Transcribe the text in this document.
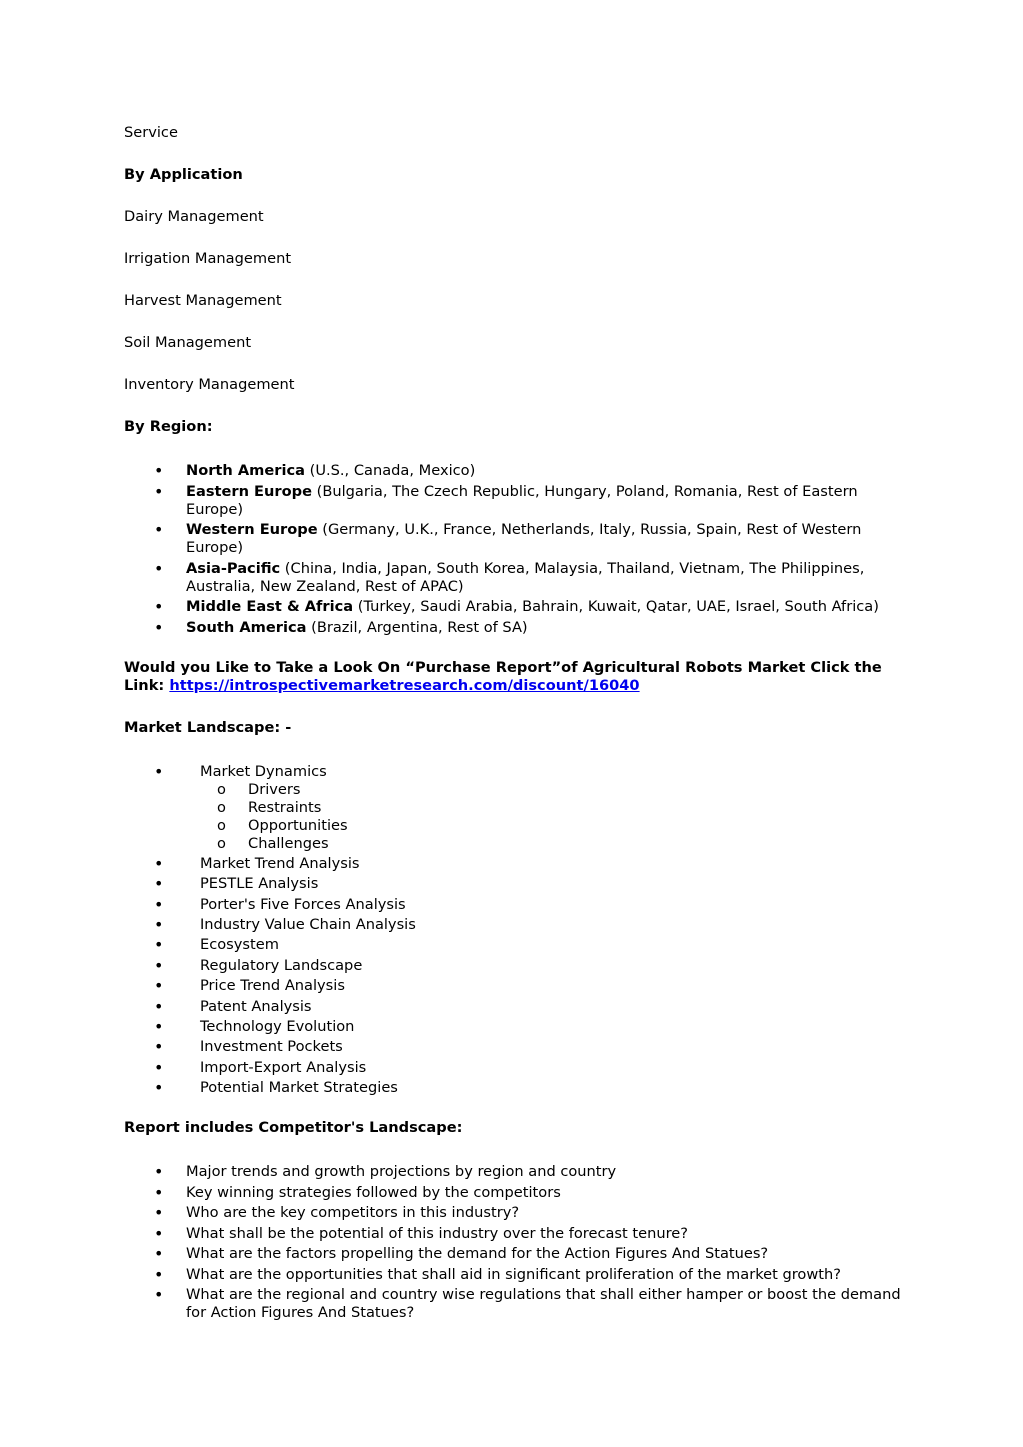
Service

By Application

Dairy Management

Irrigation Management

Harvest Management

Soil Management

Inventory Management

By Region:

• North America (U.S., Canada, Mexico)
• Eastern Europe (Bulgaria, The Czech Republic, Hungary, Poland, Romania, Rest of Eastern Europe)
• Western Europe (Germany, U.K., France, Netherlands, Italy, Russia, Spain, Rest of Western Europe)
• Asia-Pacific (China, India, Japan, South Korea, Malaysia, Thailand, Vietnam, The Philippines, Australia, New Zealand, Rest of APAC)
• Middle East & Africa (Turkey, Saudi Arabia, Bahrain, Kuwait, Qatar, UAE, Israel, South Africa)
• South America (Brazil, Argentina, Rest of SA)

Would you Like to Take a Look On “Purchase Report”of Agricultural Robots Market Click the Link: https://introspectivemarketresearch.com/discount/16040

Market Landscape: -

• Market Dynamics
o Drivers
o Restraints
o Opportunities
o Challenges
• Market Trend Analysis
• PESTLE Analysis
• Porter's Five Forces Analysis
• Industry Value Chain Analysis
• Ecosystem
• Regulatory Landscape
• Price Trend Analysis
• Patent Analysis
• Technology Evolution
• Investment Pockets
• Import-Export Analysis
• Potential Market Strategies

Report includes Competitor's Landscape:

• Major trends and growth projections by region and country
• Key winning strategies followed by the competitors
• Who are the key competitors in this industry?
• What shall be the potential of this industry over the forecast tenure?
• What are the factors propelling the demand for the Action Figures And Statues?
• What are the opportunities that shall aid in significant proliferation of the market growth?
• What are the regional and country wise regulations that shall either hamper or boost the demand for Action Figures And Statues?
